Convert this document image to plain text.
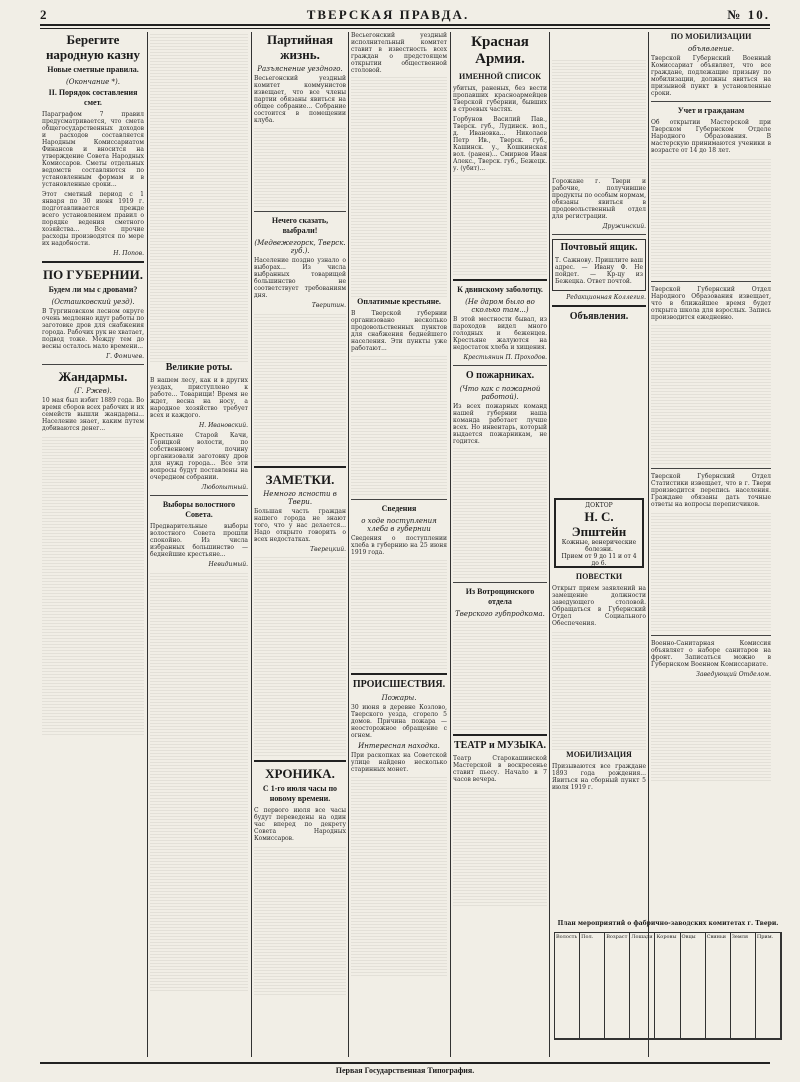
2	ТВЕРСКАЯ ПРАВДА.	№ 10.
Берегите народную казну
Новые сметные правила.
(Окончание *).
II. Порядок составления смет.

Параграфом 7 правил предусматривается, что смета общегосударственных доходов и расходов составляется Народным Комиссариатом Финансов и вносится на утверждение Совета Народных Комиссаров. Сметы отдельных ведомств составляются по установленным формам и в установленные сроки...

Этот сметный период с 1 января по 30 июня 1919 г. подготавливается прежде всего установлением правил о порядке ведения сметного хозяйства... Все прочие расходы производятся по мере их надобности.

Н. Попов.
ПО ГУБЕРНИИ.
Будем ли мы с дровами?
(Осташковский уезд).

В Тургиновском лесном округе очень медленно идут работы по заготовке дров для снабжения города. Рабочих рук не хватает, подвод тоже. Между тем до весны осталось мало времени...

Г. Фомичев.
Жандармы.
(Г. Ржев).

10 мая был избит 1889 года. Во время сборов всех рабочих и их семейств вышли жандармы... Население знает, каким путем добиваются денег...

Великие роты.

В нашем лесу, как и в других уездах, приступлено к работе... Товарищи! Время не ждет, весна на носу, а народное хозяйство требует всех и каждого.

Н. Ивановский.

Крестьяне Старой Качи, Горицкой волости, по собственному почину организовали заготовку дров для нужд города... Все эти вопросы будут поставлены на очередном собрании.

Любопытный.
Выборы волостного Совета.

Предварительные выборы волостного Совета прошли спокойно. Из числа избранных большинство — беднейшие крестьяне...

Невидимый.
Партийная жизнь.
Разъяснение уездного.

Весьегонский уездный комитет коммунистов извещает, что все члены партии обязаны явиться на общее собрание... Собрание состоится в помещении клуба.

Нечего сказать, выбрали!
(Медвежегорск, Тверск. губ.).

Население поздно узнало о выборах... Из числа выбранных товарищей большинство не соответствует требованиям дня.

Тверитин.
ЗАМЕТКИ.
Немного ясности в Твери.

Большая часть граждан нашего города не знают того, что у нас делается... Надо открыто говорить о всех недостатках.

Тверецкий.
ХРОНИКА.
С 1-го июля часы по новому времени.

С первого июля все часы будут переведены на один час вперед по декрету Совета Народных Комиссаров.

Весьегонский уездный исполнительный комитет ставит в известность всех граждан о предстоящем открытии общественной столовой.

Оплатимые крестьяне.

В Тверской губернии организовано несколько продовольственных пунктов для снабжения беднейшего населения. Эти пункты уже работают...

Сведения
о ходе поступления хлеба в губернии

Сведения о поступлении хлеба в губернию на 25 июня 1919 года.

ПРОИСШЕСТВИЯ.
Пожары.

30 июня в деревне Козлово, Тверского уезда, сгорело 5 домов. Причина пожара — неосторожное обращение с огнем.

Интересная находка.

При раскопках на Советской улице найдено несколько старинных монет.

Красная Армия.
ИМЕННОЙ СПИСОК

убитых, раненых, без вести пропавших красноармейцев Тверской губернии, бывших в строевых частях.

Горбунов Василий Пав., Тверск. губ., Лудинск. вол., д. Ивановка... Николаев Петр Ив., Тверск. губ., Кашинск. у., Кошкинская вол. (ранен)... Смирнов Иван Алекс., Тверск. губ., Бежецк. у. (убит)...

К двинскому заболотцу.
(Не даром было во сколько там...)

В этой местности бывал, из пароходов видел много голодных и беженцев. Крестьяне жалуются на недостаток хлеба и хищения.

Крестьянин П. Проходов.
О пожарниках.
(Что как с пожарной работой).

Из всех пожарных команд нашей губернии наша команда работает лучше всех. Но инвентарь, который выдается пожарникам, не годится.

Из Вотрощинского отдела
Тверского губпродкома.
ТЕАТР и МУЗЫКА.

Театр Старокашинской Мастерской в воскресенье ставит пьесу. Начало в 7 часов вечера.

Горожане г. Твери и рабочие, получившие продукты по особым нормам, обязаны явиться в продовольственный отдел для регистрации.

Дружинский.
Почтовый ящик.

Т. Сажнову. Пришлите ваш адрес. — Ивану Ф. Не пойдет. — Кр-цу из Бежецка. Ответ почтой.

Редакционная Коллегия.
Объявления.
ДОКТОР
Н. С. Эпштейн
Кожные, венерические болезни.
Прием от 9 до 11 и от 4 до 6.
ПОВЕСТКИ

Открыт прием заявлений на замещение должности заведующего столовой. Обращаться в Губернский Отдел Социального Обеспечения.

МОБИЛИЗАЦИЯ

Призываются все граждане 1893 года рождения... Явиться на сборный пункт 5 июля 1919 г.

ПО МОБИЛИЗАЦИИ
объявление.

Тверской Губернский Военный Комиссариат объявляет, что все граждане, подлежащие призыву по мобилизации, должны явиться на призывной пункт в установленные сроки.

Учет и гражданам

Об открытии Мастерской при Тверском Губернском Отделе Народного Образования. В мастерскую принимаются ученики в возрасте от 14 до 18 лет.

Тверской Губернский Отдел Народного Образования извещает, что в ближайшее время будет открыта школа для взрослых. Запись производится ежедневно.

Тверской Губернский Отдел Статистики извещает, что в г. Твери производится перепись населения. Граждане обязаны дать точные ответы на вопросы переписчиков.

Военно-Санитарная Комиссия объявляет о наборе санитаров на фронт. Записаться можно в Губернском Военном Комиссариате.

Заведующий Отделом.
План мероприятий о фабрично-заводских комитетах г. Твери.
Волость Пол.	Возраст Лошади Коровы	Овцы	Свиньи	Земля	Прим.
Первая Государственная Типография.
